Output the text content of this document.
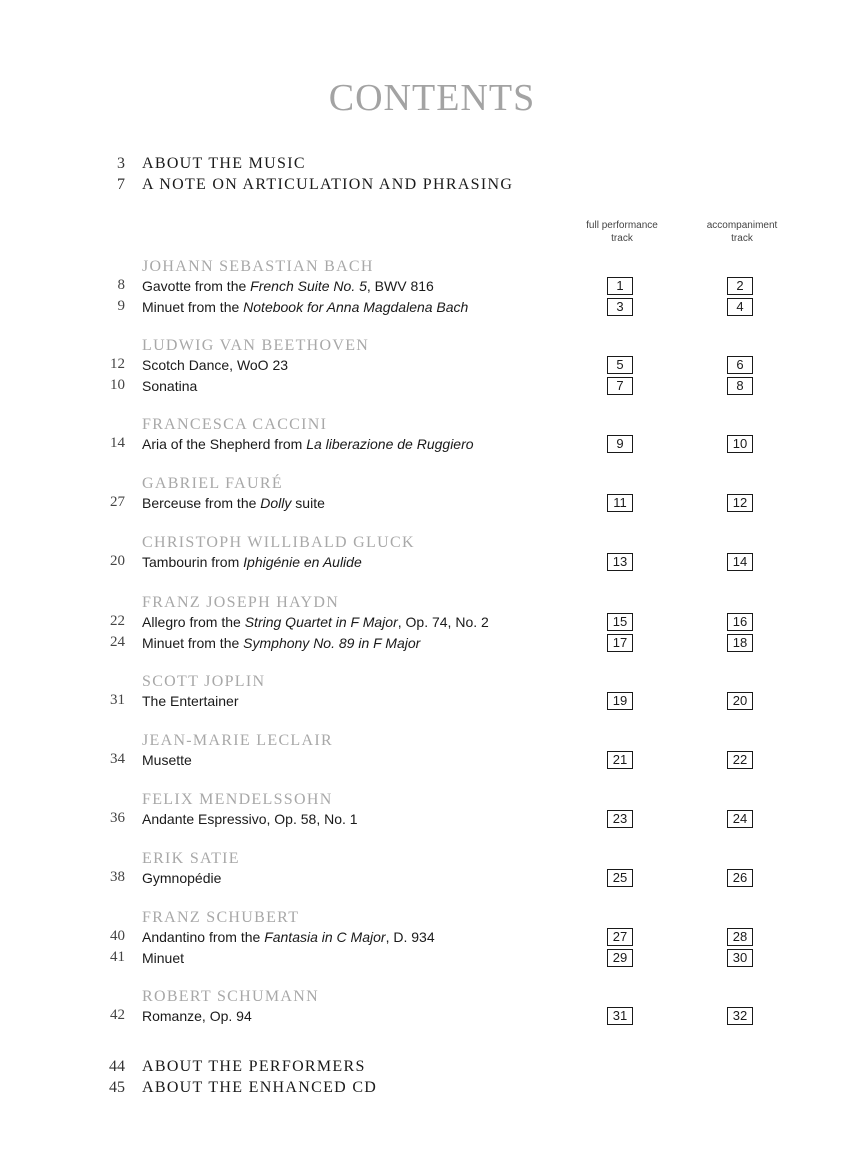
CONTENTS
3 ABOUT THE MUSIC
7 A NOTE ON ARTICULATION AND PHRASING
full performance
track
accompaniment
track
JOHANN SEBASTIAN BACH
8 Gavotte from the French Suite No. 5, BWV 816	1	2
9 Minuet from the Notebook for Anna Magdalena Bach	3	4
LUDWIG VAN BEETHOVEN
12 Scotch Dance, WoO 23	5	6
10 Sonatina	7	8
FRANCESCA CACCINI
14 Aria of the Shepherd from La liberazione de Ruggiero	9	10
GABRIEL FAURÉ
27 Berceuse from the Dolly suite	11	12
CHRISTOPH WILLIBALD GLUCK
20 Tambourin from Iphigénie en Aulide	13	14
FRANZ JOSEPH HAYDN
22 Allegro from the String Quartet in F Major, Op. 74, No. 2	15	16
24 Minuet from the Symphony No. 89 in F Major	17	18
SCOTT JOPLIN
31 The Entertainer	19	20
JEAN-MARIE LECLAIR
34 Musette	21	22
FELIX MENDELSSOHN
36 Andante Espressivo, Op. 58, No. 1	23	24
ERIK SATIE
38 Gymnopédie	25	26
FRANZ SCHUBERT
40 Andantino from the Fantasia in C Major, D. 934	27	28
41 Minuet	29	30
ROBERT SCHUMANN
42 Romanze, Op. 94	31	32
44 ABOUT THE PERFORMERS
45 ABOUT THE ENHANCED CD
